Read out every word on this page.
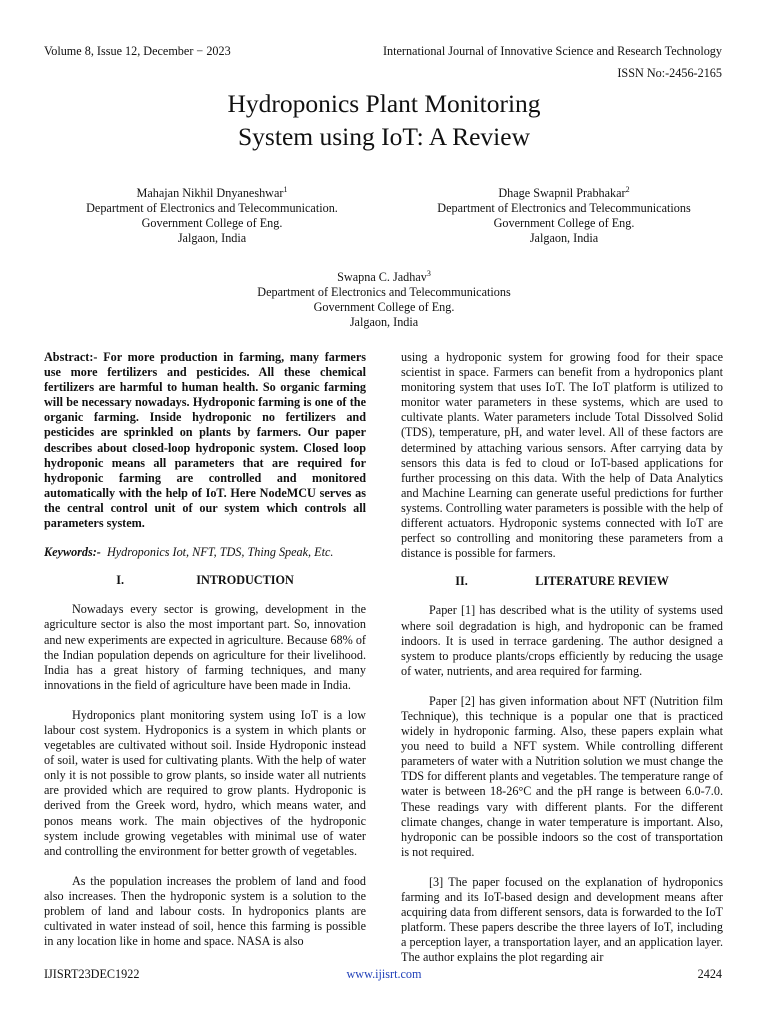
Volume 8, Issue 12, December − 2023	International Journal of Innovative Science and Research Technology
ISSN No:-2456-2165
Hydroponics Plant Monitoring
System using IoT: A Review
Mahajan Nikhil Dnyaneshwar$^1$
Department of Electronics and Telecommunication.
Government College of Eng.
Jalgaon, India
Dhage Swapnil Prabhakar$^2$
Department of Electronics and Telecommunications
Government College of Eng.
Jalgaon, India
Swapna C. Jadhav$^3$
Department of Electronics and Telecommunications
Government College of Eng.
Jalgaon, India

Abstract:- For more production in farming, many farmers use more fertilizers and pesticides. All these chemical fertilizers are harmful to human health. So organic farming will be necessary nowadays. Hydroponic farming is one of the organic farming. Inside hydroponic no fertilizers and pesticides are sprinkled on plants by farmers. Our paper describes about closed-loop hydroponic system. Closed loop hydroponic means all parameters that are required for hydroponic farming are controlled and monitored automatically with the help of IoT. Here NodeMCU serves as the central control unit of our system which controls all parameters system.

Keywords:- Hydroponics Iot, NFT, TDS, Thing Speak, Etc.

I.	INTRODUCTION

Nowadays every sector is growing, development in the agriculture sector is also the most important part. So, innovation and new experiments are expected in agriculture. Because 68% of the Indian population depends on agriculture for their livelihood. India has a great history of farming techniques, and many innovations in the field of agriculture have been made in India.

Hydroponics plant monitoring system using IoT is a low labour cost system. Hydroponics is a system in which plants or vegetables are cultivated without soil. Inside Hydroponic instead of soil, water is used for cultivating plants. With the help of water only it is not possible to grow plants, so inside water all nutrients are provided which are required to grow plants. Hydroponic is derived from the Greek word, hydro, which means water, and ponos means work. The main objectives of the hydroponic system include growing vegetables with minimal use of water and controlling the environment for better growth of vegetables.

As the population increases the problem of land and food also increases. Then the hydroponic system is a solution to the problem of land and labour costs. In hydroponics plants are cultivated in water instead of soil, hence this farming is possible in any location like in home and space. NASA is also

using a hydroponic system for growing food for their space scientist in space. Farmers can benefit from a hydroponics plant monitoring system that uses IoT. The IoT platform is utilized to monitor water parameters in these systems, which are used to cultivate plants. Water parameters include Total Dissolved Solid (TDS), temperature, pH, and water level. All of these factors are determined by attaching various sensors. After carrying data by sensors this data is fed to cloud or IoT-based applications for further processing on this data. With the help of Data Analytics and Machine Learning can generate useful predictions for further systems. Controlling water parameters is possible with the help of different actuators. Hydroponic systems connected with IoT are perfect so controlling and monitoring these parameters from a distance is possible for farmers.

II.	LITERATURE REVIEW

Paper [1] has described what is the utility of systems used where soil degradation is high, and hydroponic can be framed indoors. It is used in terrace gardening. The author designed a system to produce plants/crops efficiently by reducing the usage of water, nutrients, and area required for farming.

Paper [2] has given information about NFT (Nutrition film Technique), this technique is a popular one that is practiced widely in hydroponic farming. Also, these papers explain what you need to build a NFT system. While controlling different parameters of water with a Nutrition solution we must change the TDS for different plants and vegetables. The temperature range of water is between 18-26°C and the pH range is between 6.0-7.0. These readings vary with different plants. For the different climate changes, change in water temperature is important. Also, hydroponic can be possible indoors so the cost of transportation is not required.

[3] The paper focused on the explanation of hydroponics farming and its IoT-based design and development means after acquiring data from different sensors, data is forwarded to the IoT platform. These papers describe the three layers of IoT, including a perception layer, a transportation layer, and an application layer. The author explains the plot regarding air

IJISRT23DEC1922	www.ijisrt.com	2424
